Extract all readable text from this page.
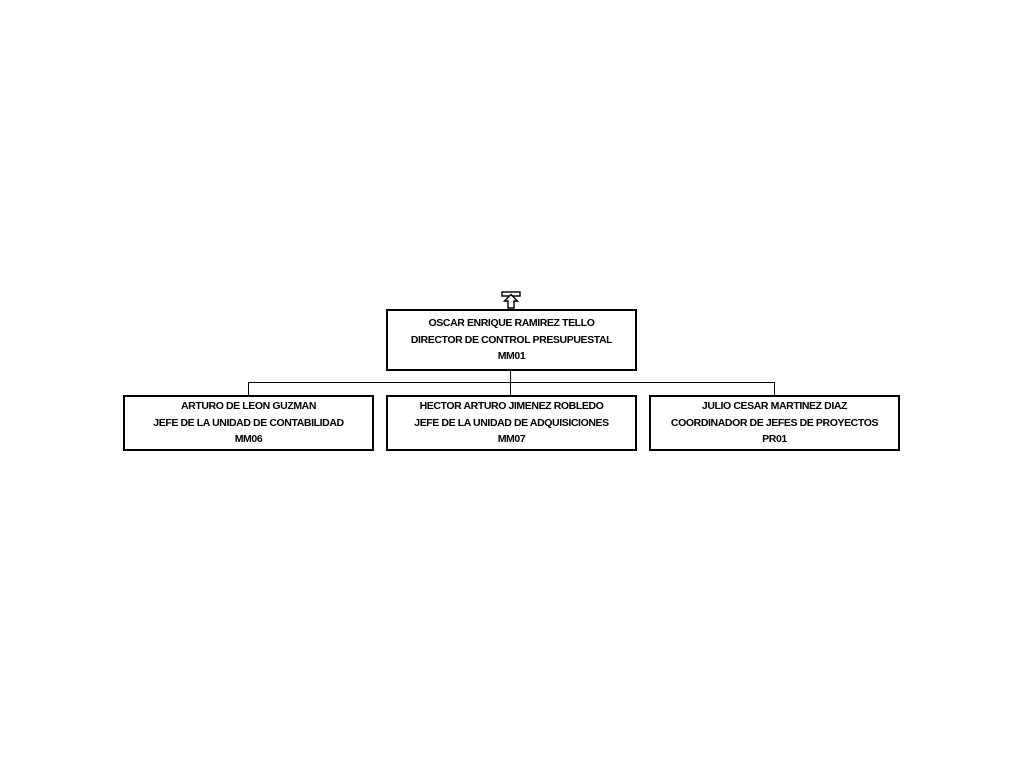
OSCAR ENRIQUE RAMIREZ TELLO
DIRECTOR DE CONTROL PRESUPUESTAL
MM01
ARTURO DE LEON GUZMAN
JEFE DE LA UNIDAD DE CONTABILIDAD
MM06
HECTOR ARTURO JIMENEZ ROBLEDO
JEFE DE LA UNIDAD DE ADQUISICIONES
MM07
JULIO CESAR MARTINEZ DIAZ
COORDINADOR DE JEFES DE PROYECTOS
PR01
